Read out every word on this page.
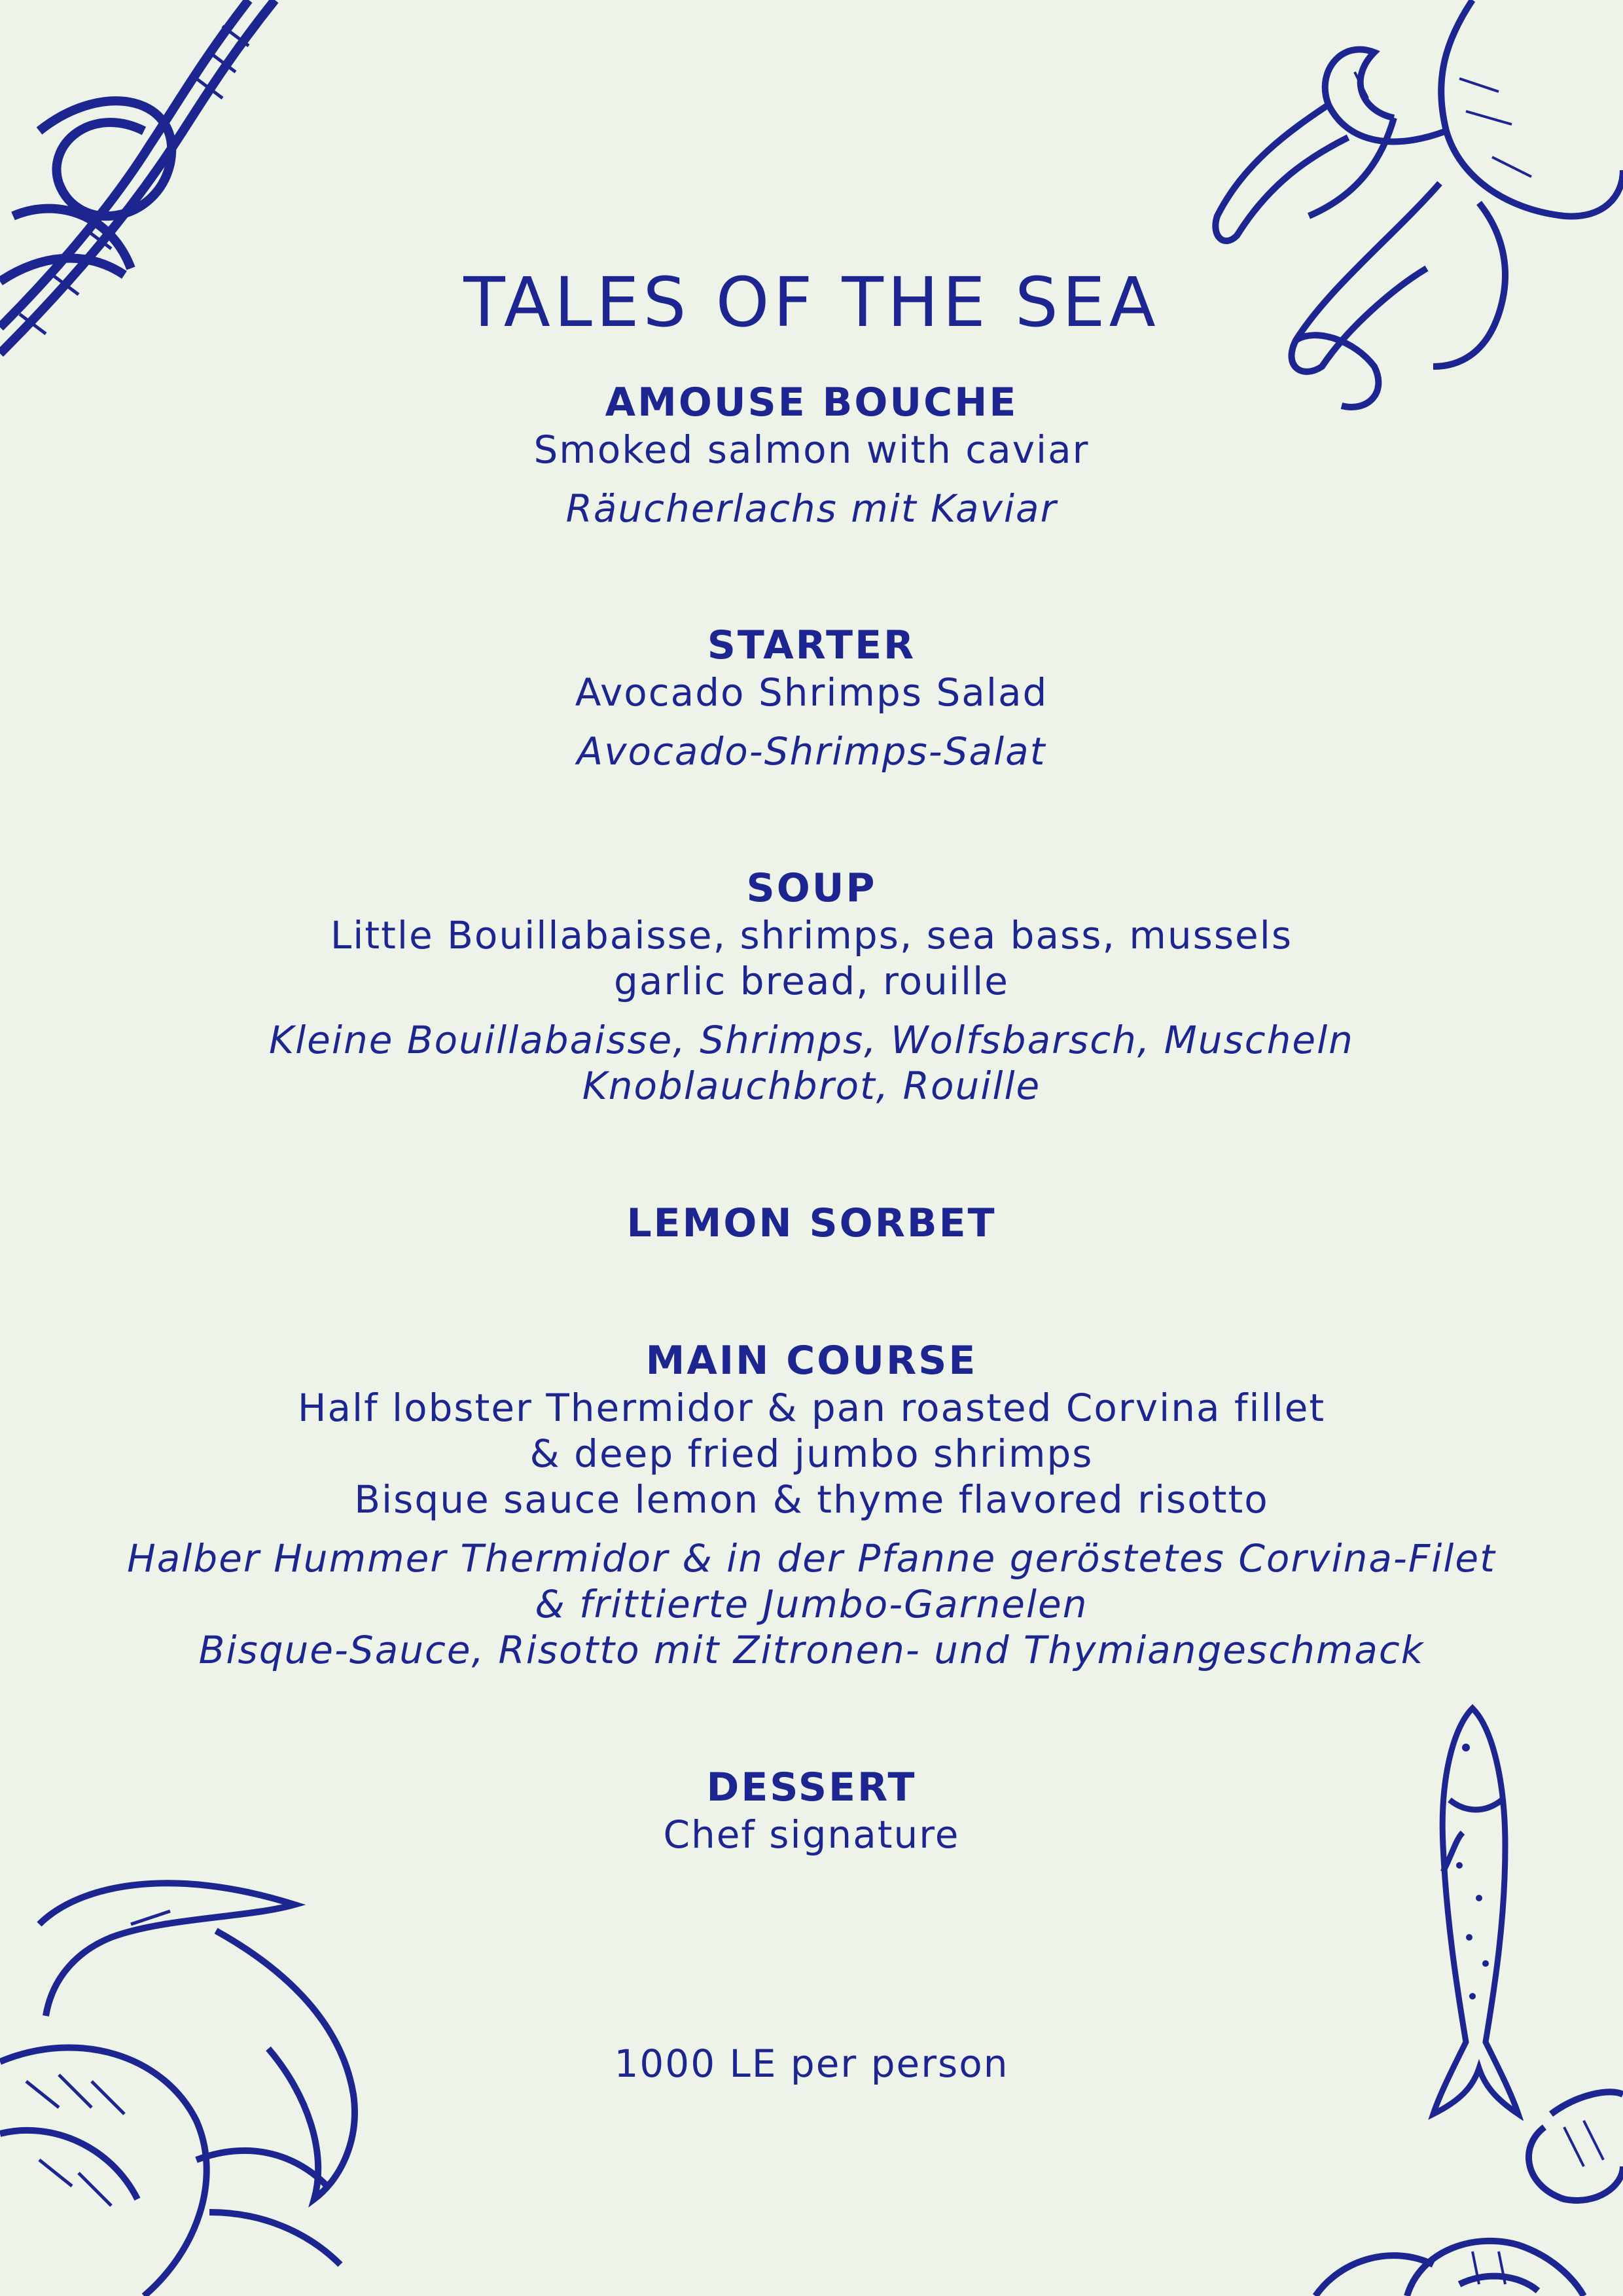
TALES OF THE SEA
AMOUSE BOUCHE
Smoked salmon with caviar
Räucherlachs mit Kaviar
STARTER
Avocado Shrimps Salad
Avocado-Shrimps-Salat
SOUP
Little Bouillabaisse, shrimps, sea bass, mussels
garlic bread, rouille
Kleine Bouillabaisse, Shrimps, Wolfsbarsch, Muscheln
Knoblauchbrot, Rouille
LEMON SORBET
MAIN COURSE
Half lobster Thermidor & pan roasted Corvina fillet
& deep fried jumbo shrimps
Bisque sauce lemon & thyme flavored risotto
Halber Hummer Thermidor & in der Pfanne geröstetes Corvina-Filet
& frittierte Jumbo-Garnelen
Bisque-Sauce, Risotto mit Zitronen- und Thymiangeschmack
DESSERT
Chef signature
1000 LE per person
